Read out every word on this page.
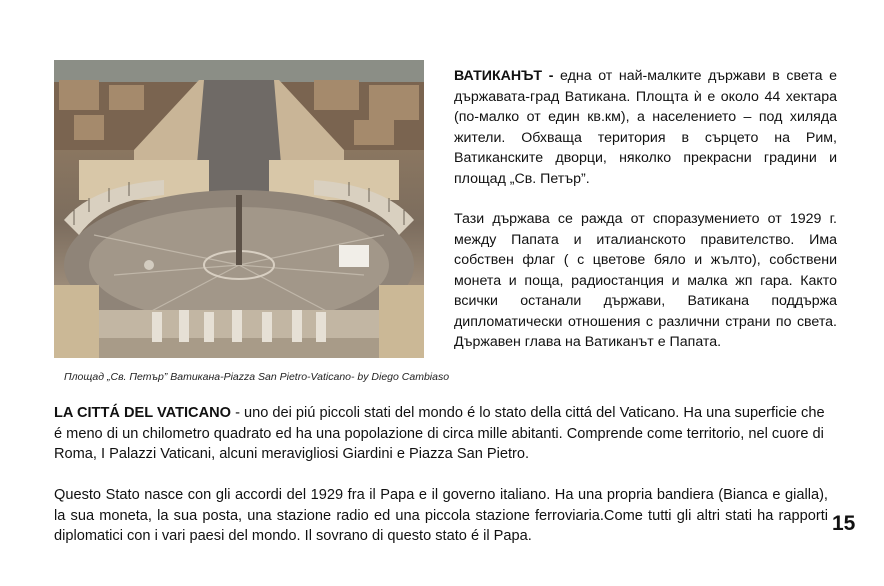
Площад „Св. Петър” Ватикана-Piazza San Pietro-Vaticano- by Diego Cambiaso

ВАТИКАНЪТ - една от най-малките държави в света е държавата-град Ватикана. Площта ѝ е около 44 хектара (по-малко от един кв.км), а населението – под хиляда жители. Обхваща територия в сърцето на Рим, Ватиканските дворци, няколко прекрасни градини и площад „Св. Петър”.

Тази държава се ражда от споразумението от 1929 г. между Папата и италианското правителство. Има собствен флаг ( с цветове бяло и жълто), собствени монета и поща, радиостанция и малка жп гара. Както всички останали държави, Ватикана поддържа дипломатически отношения с различни страни по света. Държавен глава на Ватиканът е Папата.

LA CITTÁ DEL VATICANO - uno dei piú piccoli stati del mondo é lo stato della cittá del Vaticano. Ha una superficie che é meno di un chilometro quadrato ed ha una popolazione di circa mille abitanti. Comprende come territorio, nel cuore di Roma, I Palazzi Vaticani, alcuni meravigliosi Giardini e Piazza San Pietro.

Questo Stato nasce con gli accordi del 1929 fra il Papa e il governo italiano. Ha una propria bandiera (Bianca e gialla), la sua moneta, la sua posta, una stazione radio ed una piccola stazione ferroviaria.Come tutti gli altri stati ha rapporti diplomatici con i vari paesi del mondo. Il sovrano di questo stato é il Papa.

15
